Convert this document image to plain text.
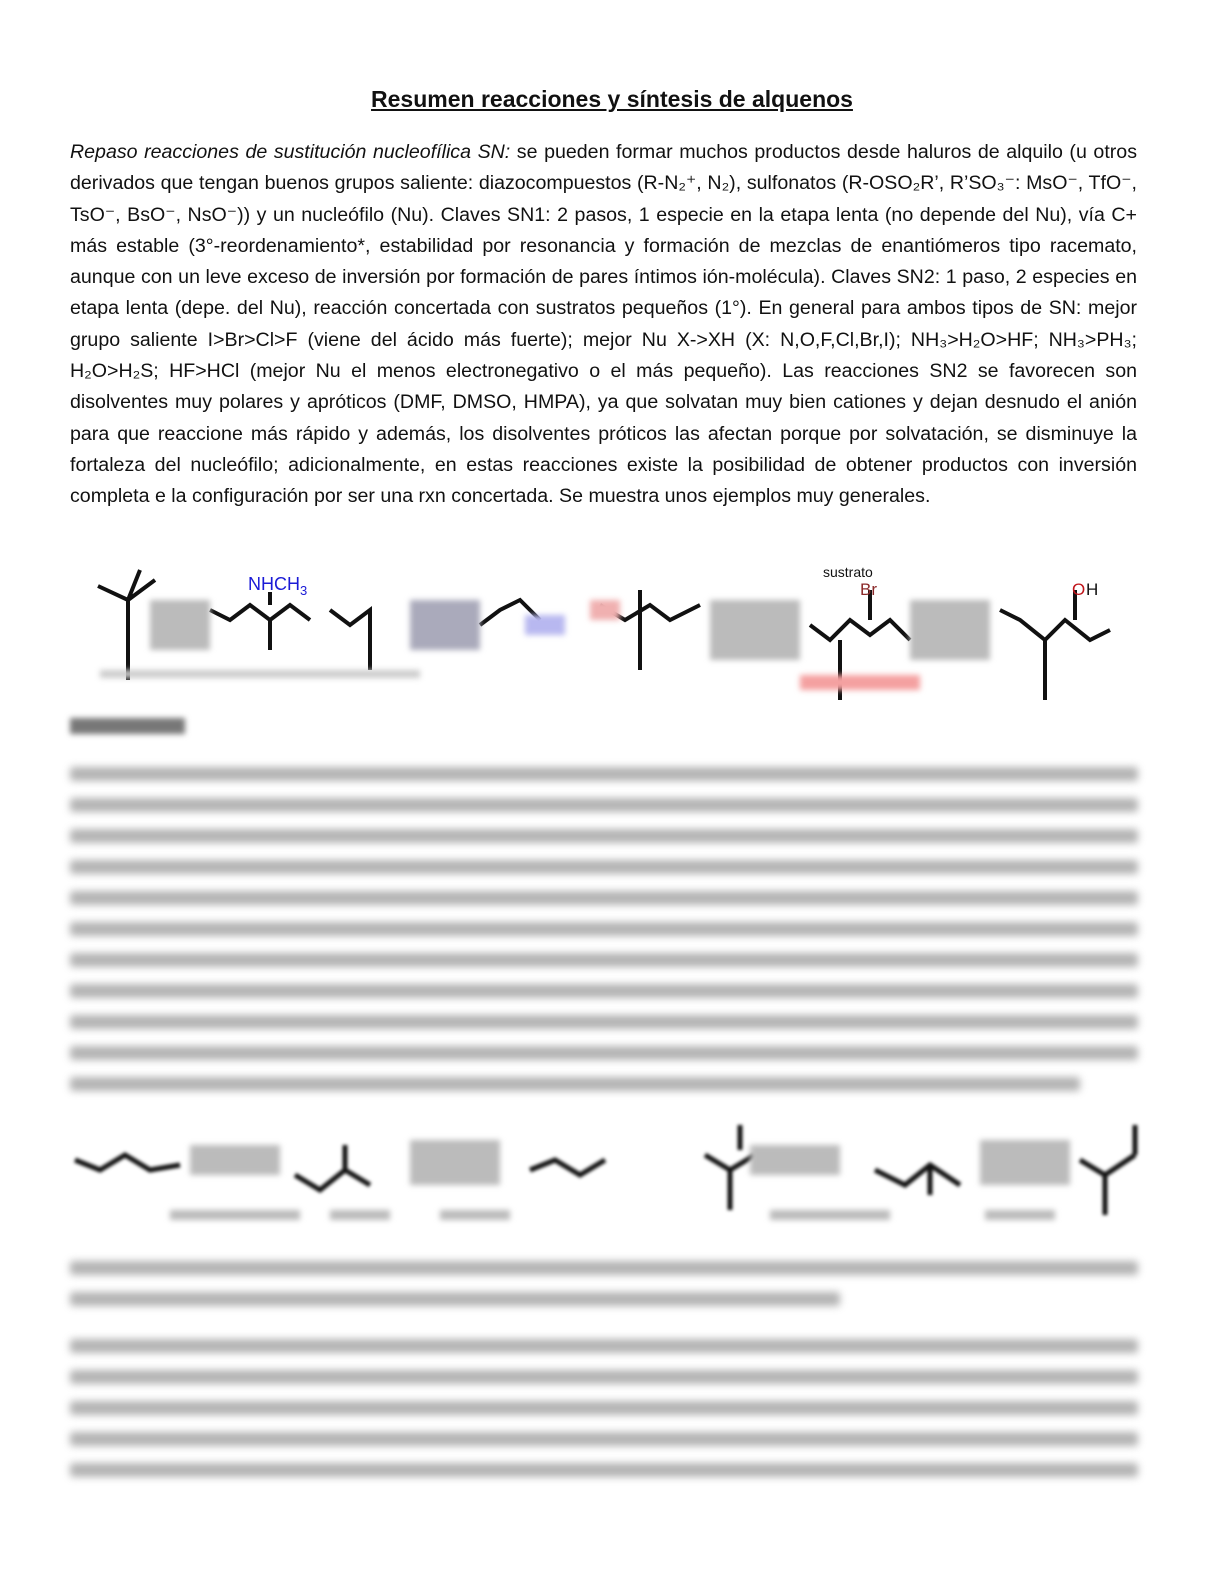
Resumen reacciones y síntesis de alquenos
Repaso reacciones de sustitución nucleofílica SN: se pueden formar muchos productos desde haluros de alquilo (u otros derivados que tengan buenos grupos saliente: diazocompuestos (R-N₂⁺, N₂), sulfonatos (R-OSO₂R’, R’SO₃⁻: MsO⁻, TfO⁻, TsO⁻, BsO⁻, NsO⁻)) y un nucleófilo (Nu). Claves SN1: 2 pasos, 1 especie en la etapa lenta (no depende del Nu), vía C+ más estable (3°-reordenamiento*, estabilidad por resonancia y formación de mezclas de enantiómeros tipo racemato, aunque con un leve exceso de inversión por formación de pares íntimos ión-molécula). Claves SN2: 1 paso, 2 especies en etapa lenta (depe. del Nu), reacción concertada con sustratos pequeños (1°). En general para ambos tipos de SN: mejor grupo saliente I>Br>Cl>F (viene del ácido más fuerte); mejor Nu X->XH (X: N,O,F,Cl,Br,I); NH₃>H₂O>HF; NH₃>PH₃; H₂O>H₂S; HF>HCl (mejor Nu el menos electronegativo o el más pequeño). Las reacciones SN2 se favorecen son disolventes muy polares y apróticos (DMF, DMSO, HMPA), ya que solvatan muy bien cationes y dejan desnudo el anión para que reaccione más rápido y además, los disolventes próticos las afectan porque por solvatación, se disminuye la fortaleza del nucleófilo; adicionalmente, en estas reacciones existe la posibilidad de obtener productos con inversión completa e la configuración por ser una rxn concertada. Se muestra unos ejemplos muy generales.
$NHCH_3$
sustrato
Br	O H
